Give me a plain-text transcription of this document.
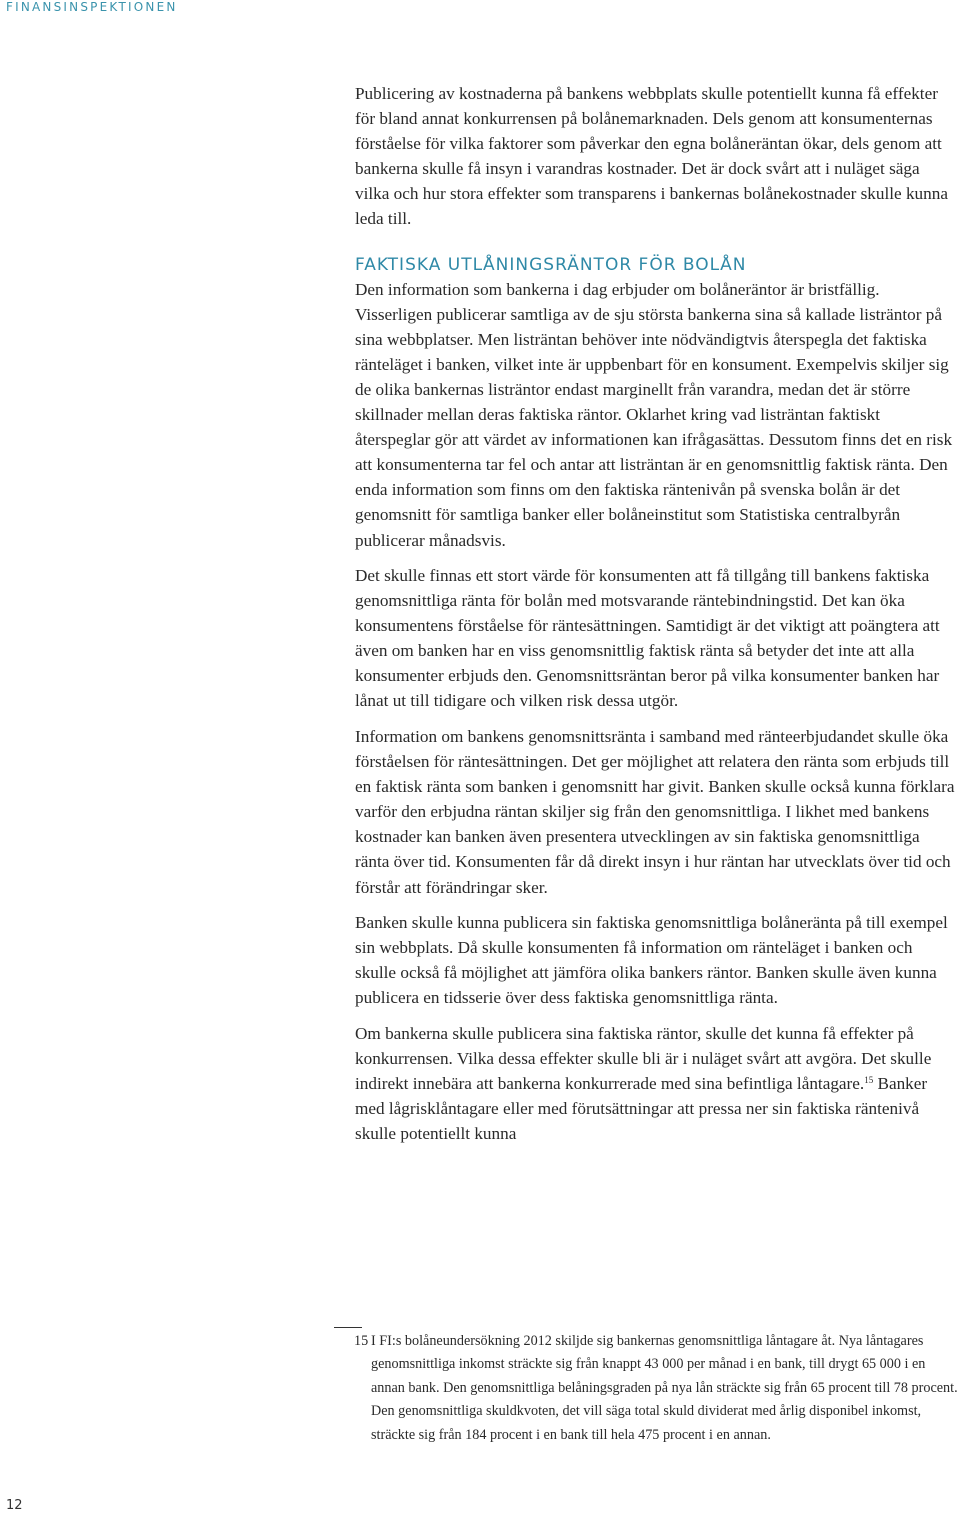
FINANSINSPEKTIONEN

Publicering av kostnaderna på bankens webbplats skulle potentiellt kunna få effekter för bland annat konkurrensen på bolånemarknaden. Dels genom att konsumenternas förståelse för vilka faktorer som påverkar den egna bolåneräntan ökar, dels genom att bankerna skulle få insyn i varandras kostnader. Det är dock svårt att i nuläget säga vilka och hur stora effekter som transparens i bankernas bolånekostnader skulle kunna leda till.

FAKTISKA UTLÅNINGSRÄNTOR FÖR BOLÅN

Den information som bankerna i dag erbjuder om bolåneräntor är bristfällig. Visserligen publicerar samtliga av de sju största bankerna sina så kallade listräntor på sina webbplatser. Men listräntan behöver inte nödvändigtvis återspegla det faktiska ränteläget i banken, vilket inte är uppbenbart för en konsument. Exempelvis skiljer sig de olika bankernas listräntor endast marginellt från varandra, medan det är större skillnader mellan deras faktiska räntor. Oklarhet kring vad listräntan faktiskt återspeglar gör att värdet av informationen kan ifrågasättas. Dessutom finns det en risk att konsumenterna tar fel och antar att listräntan är en genomsnittlig faktisk ränta. Den enda information som finns om den faktiska räntenivån på svenska bolån är det genomsnitt för samtliga banker eller bolåneinstitut som Statistiska centralbyrån publicerar månadsvis.

Det skulle finnas ett stort värde för konsumenten att få tillgång till bankens faktiska genomsnittliga ränta för bolån med motsvarande räntebindningstid. Det kan öka konsumentens förståelse för räntesättningen. Samtidigt är det viktigt att poängtera att även om banken har en viss genomsnittlig faktisk ränta så betyder det inte att alla konsumenter erbjuds den. Genomsnittsräntan beror på vilka konsumenter banken har lånat ut till tidigare och vilken risk dessa utgör.

Information om bankens genomsnittsränta i samband med ränteerbjudandet skulle öka förståelsen för räntesättningen. Det ger möjlighet att relatera den ränta som erbjuds till en faktisk ränta som banken i genomsnitt har givit. Banken skulle också kunna förklara varför den erbjudna räntan skiljer sig från den genomsnittliga. I likhet med bankens kostnader kan banken även presentera utvecklingen av sin faktiska genomsnittliga ränta över tid. Konsumenten får då direkt insyn i hur räntan har utvecklats över tid och förstår att förändringar sker.

Banken skulle kunna publicera sin faktiska genomsnittliga bolåneränta på till exempel sin webbplats. Då skulle konsumenten få information om ränteläget i banken och skulle också få möjlighet att jämföra olika bankers räntor. Banken skulle även kunna publicera en tidsserie över dess faktiska genomsnittliga ränta.

Om bankerna skulle publicera sina faktiska räntor, skulle det kunna få effekter på konkurrensen. Vilka dessa effekter skulle bli är i nuläget svårt att avgöra. Det skulle indirekt innebära att bankerna konkurrerade med sina befintliga låntagare.$^{15}$ Banker med lågrisklåntagare eller med förutsättningar att pressa ner sin faktiska räntenivå skulle potentiellt kunna

15 I FI:s bolåneundersökning 2012 skiljde sig bankernas genomsnittliga låntagare åt. Nya låntagares genomsnittliga inkomst sträckte sig från knappt 43 000 per månad i en bank, till drygt 65 000 i en annan bank. Den genomsnittliga belåningsgraden på nya lån sträckte sig från 65 procent till 78 procent. Den genomsnittliga skuldkvoten, det vill säga total skuld dividerat med årlig disponibel inkomst, sträckte sig från 184 procent i en bank till hela 475 procent i en annan.
12
